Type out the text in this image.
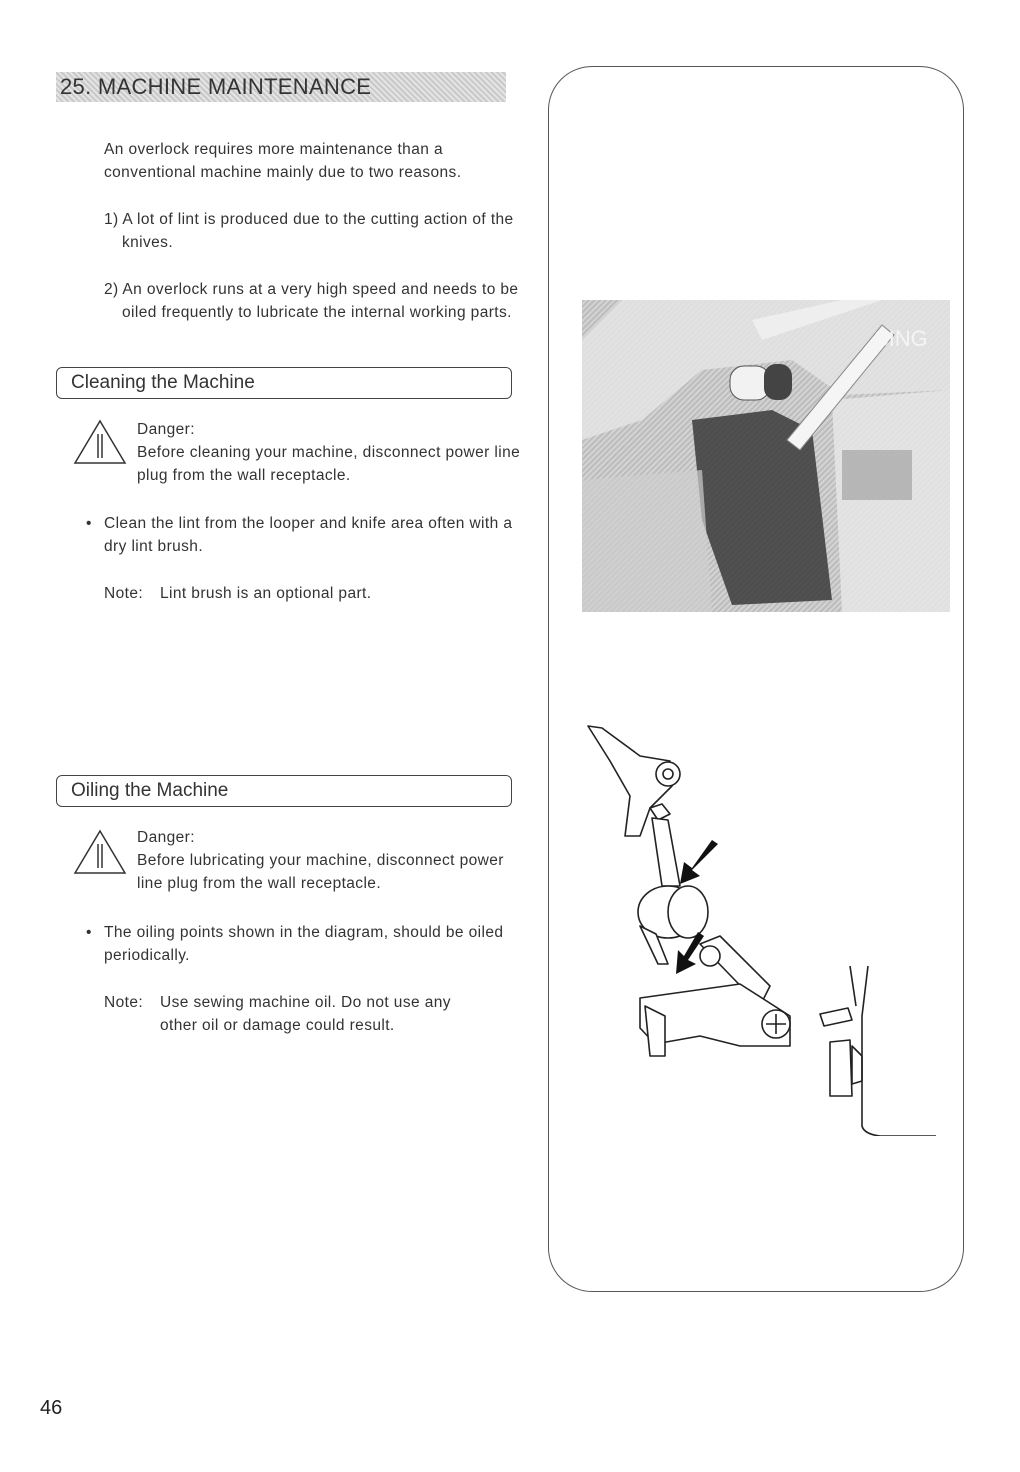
25. MACHINE MAINTENANCE
An overlock requires more maintenance than a conventional machine mainly due to two reasons.
1) A lot of lint is produced due to the cutting action of the knives.
2) An overlock runs at a very high speed and needs to be oiled frequently to lubricate the internal working parts.
Cleaning the Machine
Danger:
Before cleaning your machine, disconnect power line plug from the wall receptacle.
• Clean the lint from the looper and knife area often with a dry lint brush.
Note: Lint brush is an optional part.
Oiling the Machine
Danger:
Before lubricating your machine, disconnect power line plug from the wall receptacle.
• The oiling points shown in the diagram, should be oiled periodically.
Note: Use sewing machine oil. Do not use any
other oil or damage could result.
SING
46
